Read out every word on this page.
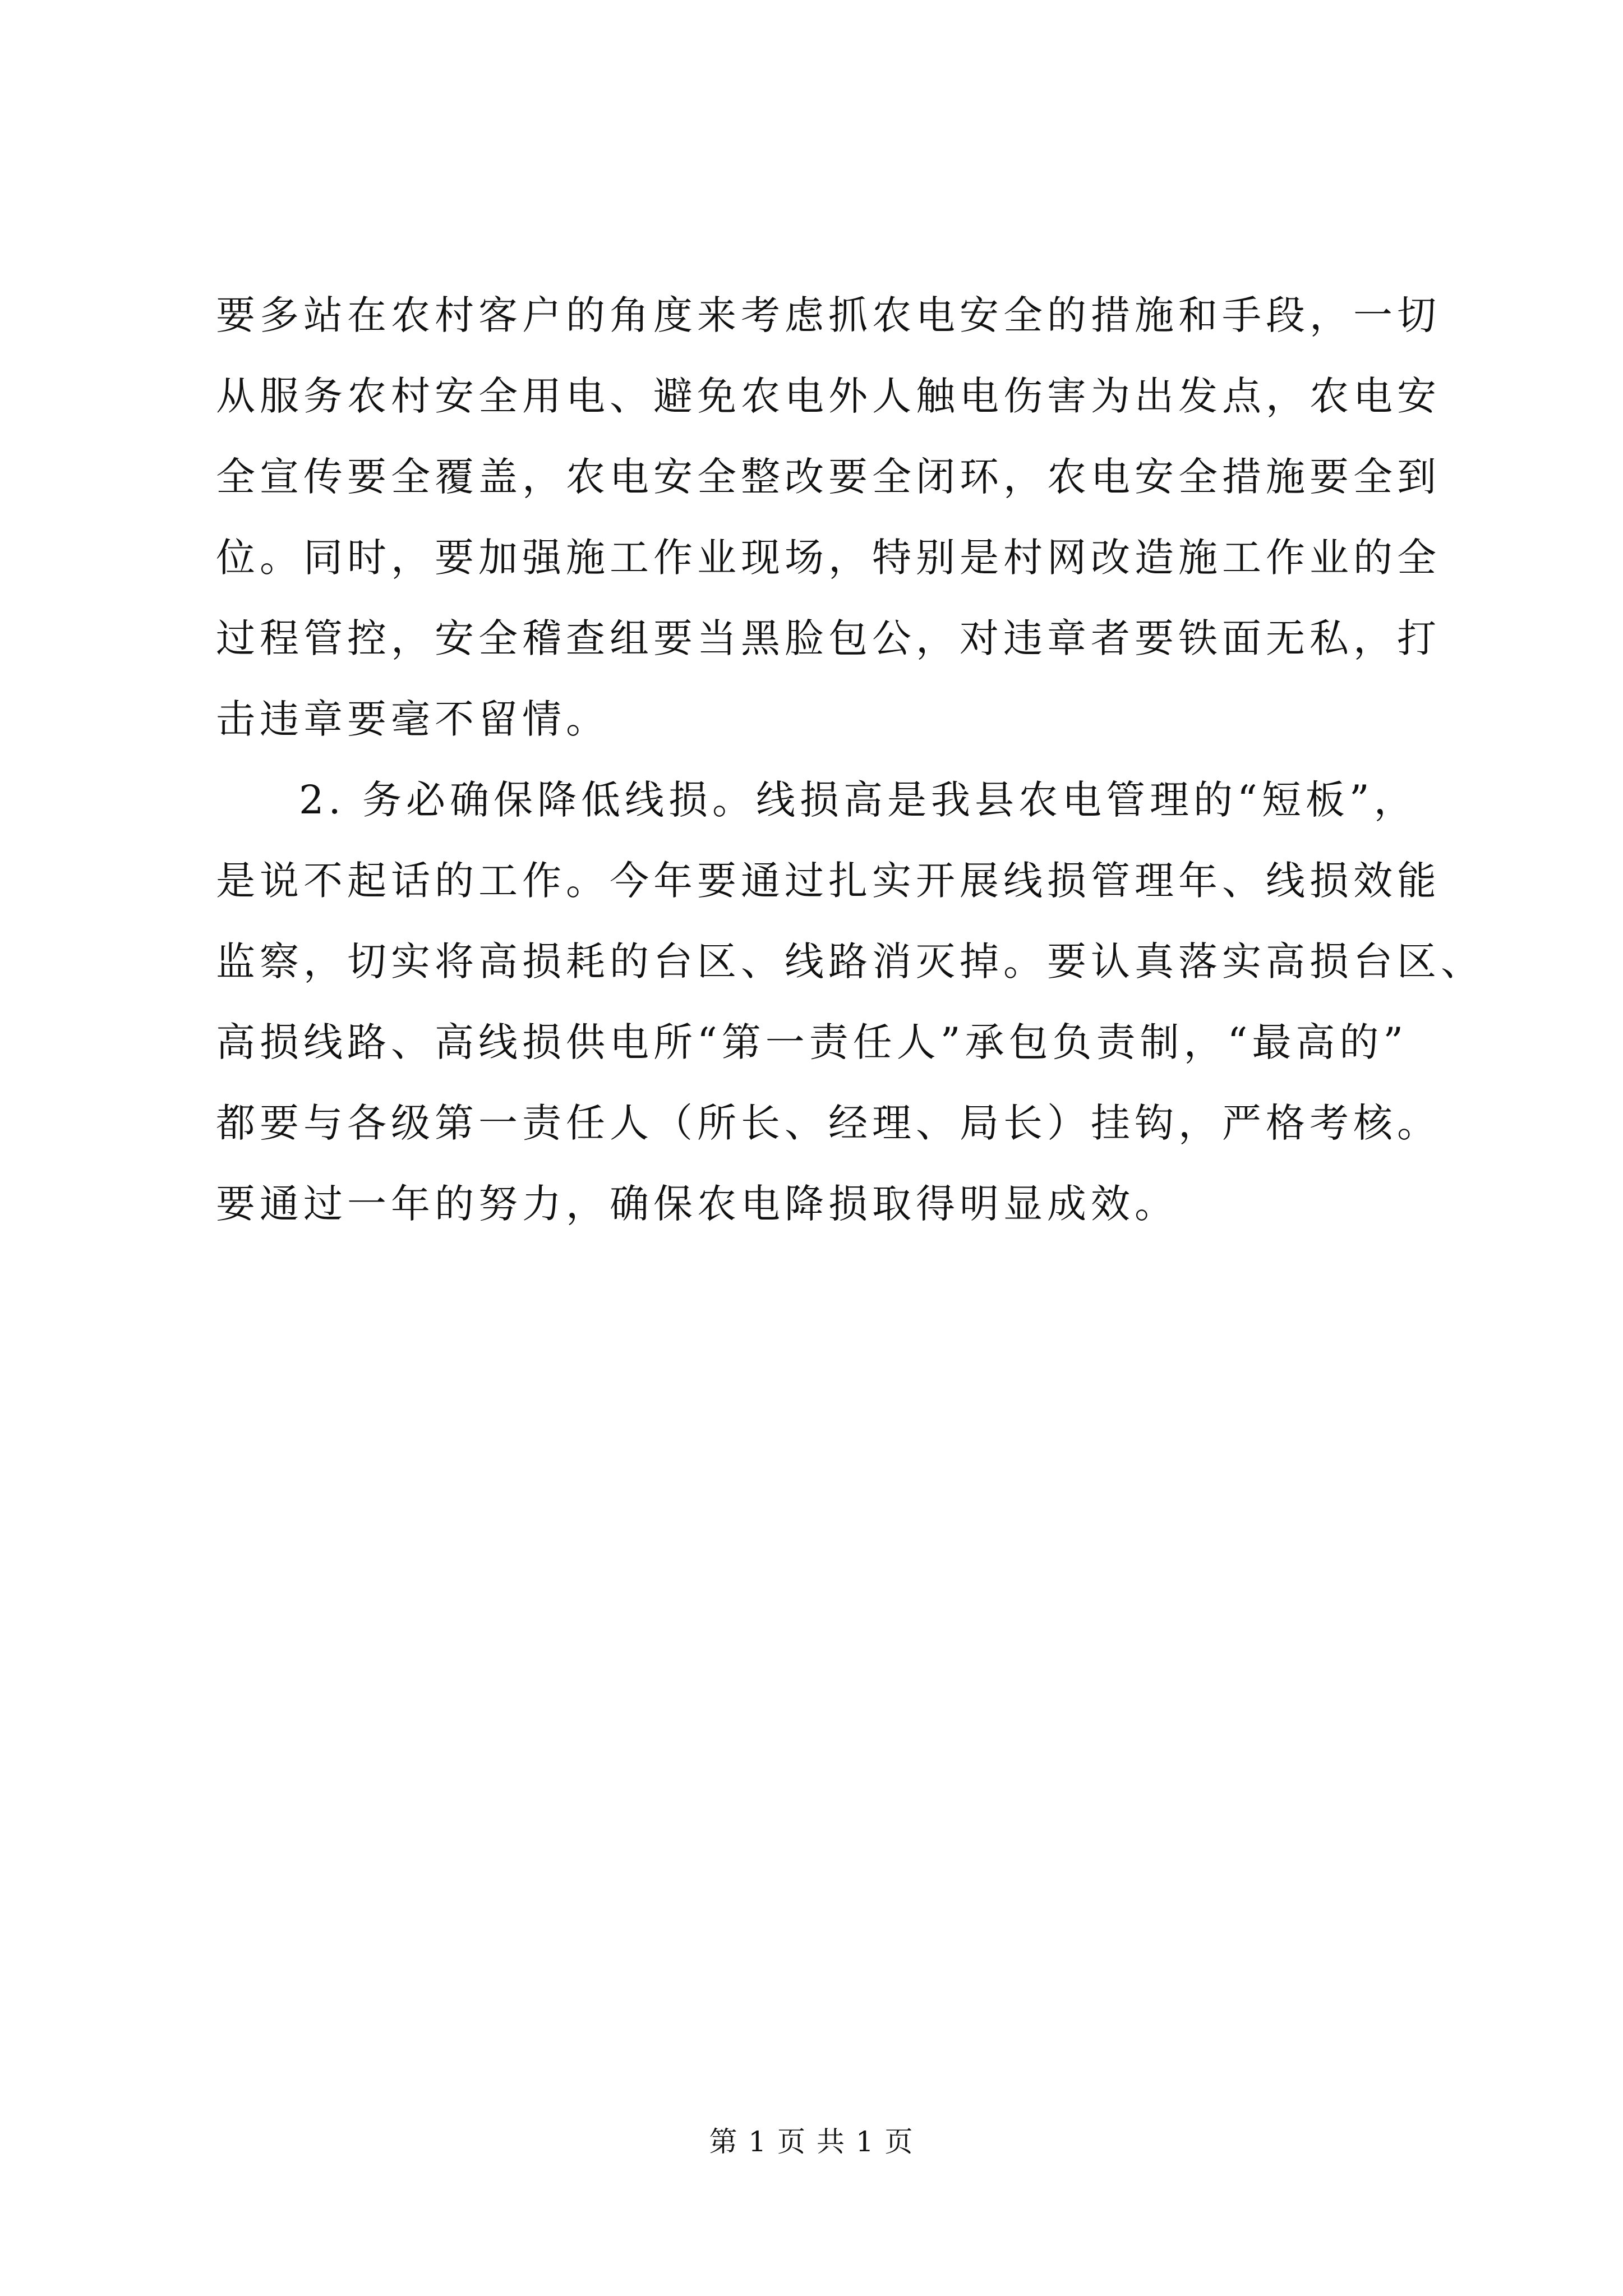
要多站在农村客户的角度来考虑抓农电安全的措施和手段，一切
从服务农村安全用电、避免农电外人触电伤害为出发点，农电安
全宣传要全覆盖，农电安全整改要全闭环，农电安全措施要全到
位。同时，要加强施工作业现场，特别是村网改造施工作业的全
过程管控，安全稽查组要当黑脸包公，对违章者要铁面无私，打
击违章要毫不留情。
2. 务必确保降低线损。线损高是我县农电管理的“短板”，
是说不起话的工作。今年要通过扎实开展线损管理年、线损效能
监察，切实将高损耗的台区、线路消灭掉。要认真落实高损台区、
高损线路、高线损供电所“第一责任人”承包负责制，“最高的”
都要与各级第一责任人（所长、经理、局长）挂钩，严格考核。
要通过一年的努力，确保农电降损取得明显成效。
第 1 页 共 1 页
